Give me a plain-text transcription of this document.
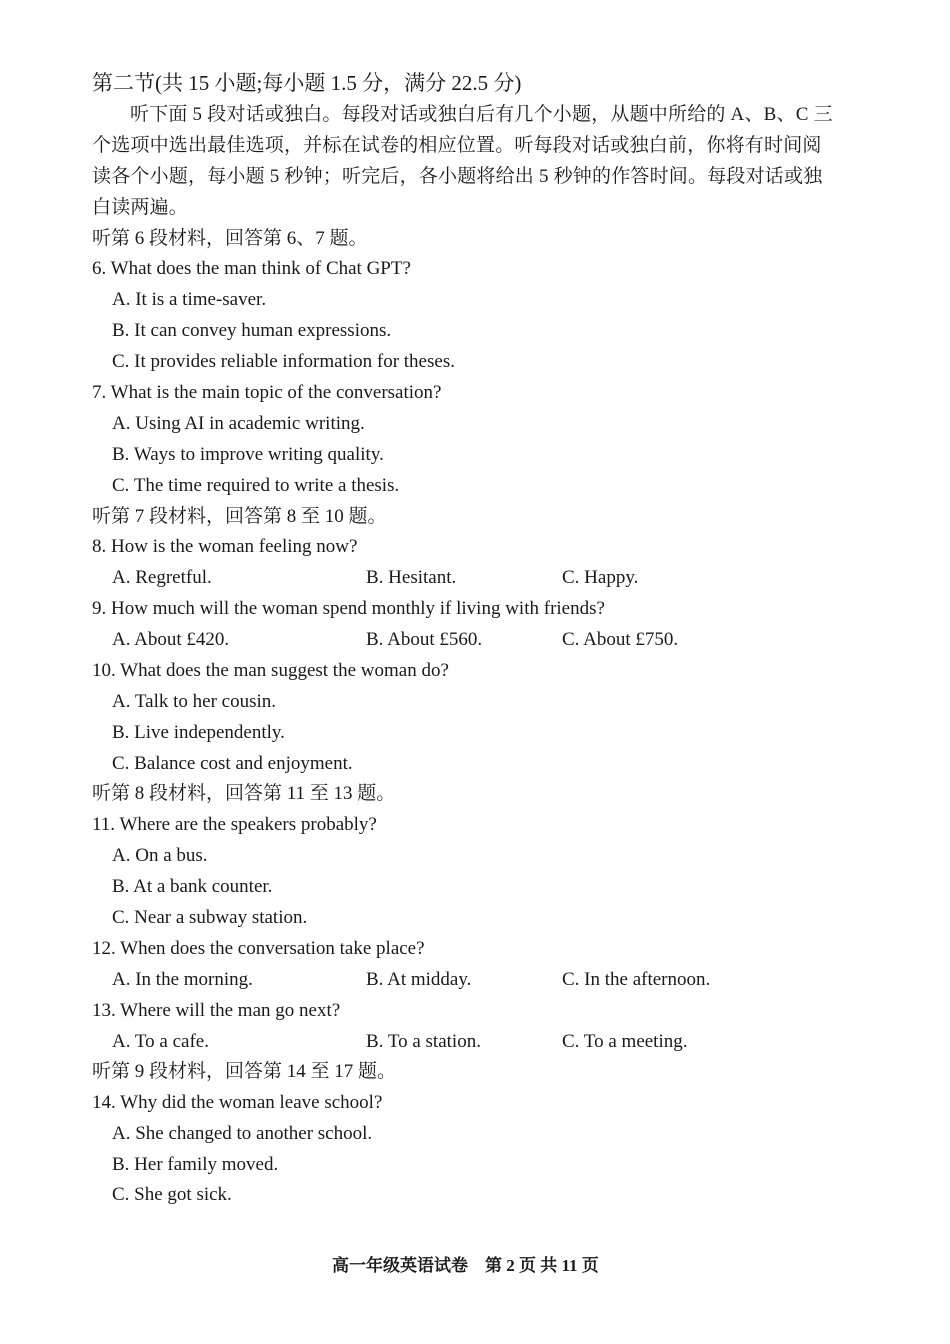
第二节(共 15 小题;每小题 1.5 分，满分 22.5 分)
听下面 5 段对话或独白。每段对话或独白后有几个小题，从题中所给的 A、B、C 三
个选项中选出最佳选项，并标在试卷的相应位置。听每段对话或独白前，你将有时间阅
读各个小题，每小题 5 秒钟；听完后，各小题将给出 5 秒钟的作答时间。每段对话或独
白读两遍。
听第 6 段材料，回答第 6、7 题。
6. What does the man think of Chat GPT?
A. It is a time-saver.
B. It can convey human expressions.
C. It provides reliable information for theses.
7. What is the main topic of the conversation?
A. Using AI in academic writing.
B. Ways to improve writing quality.
C. The time required to write a thesis.
听第 7 段材料，回答第 8 至 10 题。
8. How is the woman feeling now?
A. Regretful.	B. Hesitant.	C. Happy.
9. How much will the woman spend monthly if living with friends?
A. About £420.	B. About £560.	C. About £750.
10. What does the man suggest the woman do?
A. Talk to her cousin.
B. Live independently.
C. Balance cost and enjoyment.
听第 8 段材料，回答第 11 至 13 题。
11. Where are the speakers probably?
A. On a bus.
B. At a bank counter.
C. Near a subway station.
12. When does the conversation take place?
A. In the morning.	B. At midday.	C. In the afternoon.
13. Where will the man go next?
A. To a cafe.	B. To a station.	C. To a meeting.
听第 9 段材料，回答第 14 至 17 题。
14. Why did the woman leave school?
A. She changed to another school.
B. Her family moved.
C. She got sick.
高一年级英语试卷　第 2 页 共 11 页
